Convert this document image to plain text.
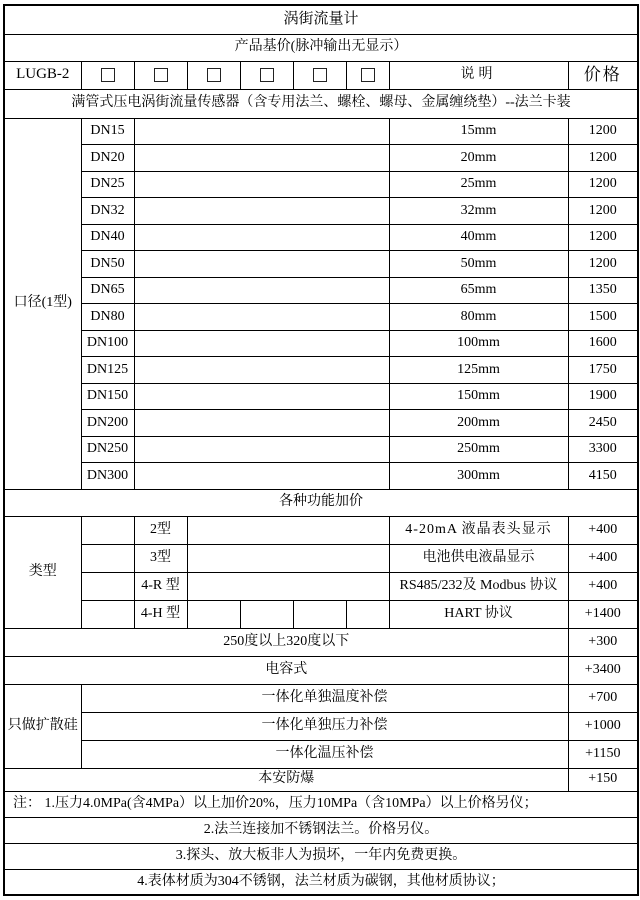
涡街流量计								
产品基价(脉冲输出无显示）								
LUGB-2							说明	价格
满管式压电涡街流量传感器（含专用法兰、螺栓、螺母、金属缠绕垫）--法兰卡装								
口径(1型)	DN15						15mm	1200
	DN20						20mm	1200
	DN25						25mm	1200
	DN32						32mm	1200
	DN40						40mm	1200
	DN50						50mm	1200
	DN65						65mm	1350
	DN80						80mm	1500
	DN100						100mm	1600
	DN125						125mm	1750
	DN150						150mm	1900
	DN200						200mm	2450
	DN250						250mm	3300
	DN300						300mm	4150
各种功能加价								
类型		2型					4-20mA 液晶表头显示	+400
		3型					电池供电液晶显示	+400
		4-R 型					RS485/232及 Modbus 协议	+400
		4-H 型					HART 协议	+1400
250度以上320度以下								+300
电容式								+3400
只做扩散硅	一体化单独温度补偿							+700
	一体化单独压力补偿							+1000
	一体化温压补偿							+1150
本安防爆								+150
注： 1.压力4.0MPa(含4MPa）以上加价20%，压力10MPa（含10MPa）以上价格另仪；								
2.法兰连接加不锈钢法兰。价格另仪。								
3.探头、放大板非人为损坏，一年内免费更换。								
4.表体材质为304不锈钢，法兰材质为碳钢，其他材质协议；								
